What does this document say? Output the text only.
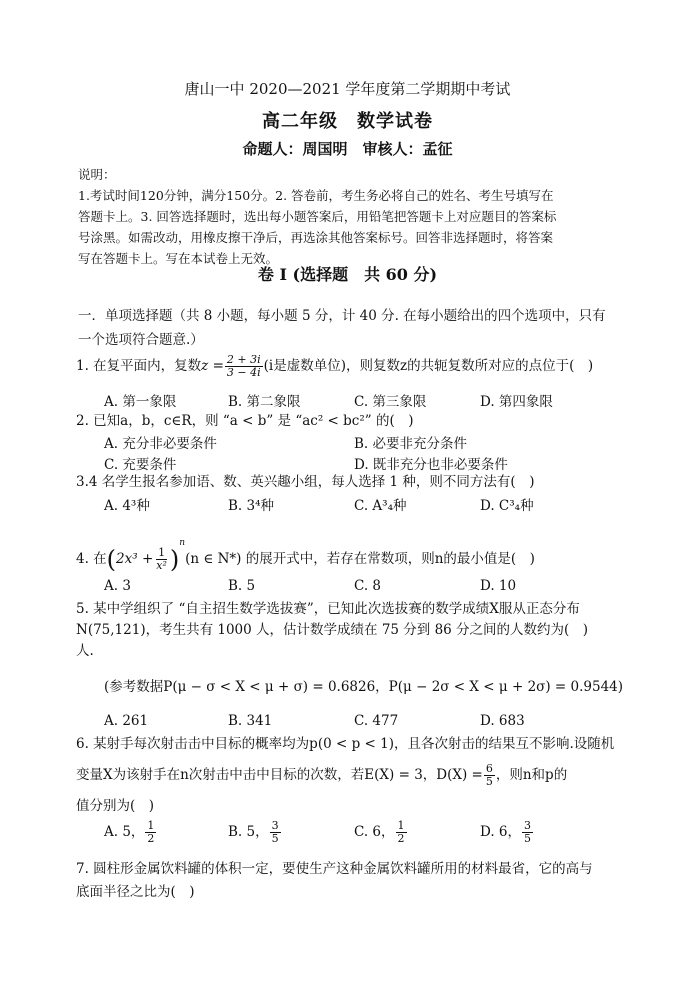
唐山一中 2020—2021 学年度第二学期期中考试
高二年级　数学试卷
命题人：周国明　审核人：孟征
说明：
1.考试时间120分钟，满分150分。2. 答卷前，考生务必将自己的姓名、考生号填写在
答题卡上。3. 回答选择题时，选出每小题答案后，用铅笔把答题卡上对应题目的答案标
号涂黑。如需改动，用橡皮擦干净后，再选涂其他答案标号。回答非选择题时，将答案
写在答题卡上。写在本试卷上无效。
卷 I (选择题　共 60 分)
一．单项选择题（共 8 小题，每小题 5 分，计 40 分. 在每小题给出的四个选项中，只有
一个选项符合题意.）
1. 在复平面内，复数$z = \frac{2 + 3i}{3 - 4i} (i$是虚数单位)，则复数z的共轭复数所对应的点位于(　)
A. 第一象限	B. 第二象限	C. 第三象限	D. 第四象限
2. 已知a，b，c∈R，则 “a < b” 是 “ac² < bc²” 的(　)
A. 充分非必要条件	B. 必要非充分条件
C. 充要条件	D. 既非充分也非必要条件
3.4 名学生报名参加语、数、英兴趣小组，每人选择 1 种，则不同方法有(　)
A. 4³种	B. 3⁴种	C. A³₄种	D. C³₄种
4. 在$(2x^3 + \frac{1}{\text{x²}} )^n(n$ ∈ N*) 的展开式中，若存在常数项，则n的最小值是(　)
A. 3	B. 5	C. 8	D. 10
5. 某中学组织了 “自主招生数学选拔赛”，已知此次选拔赛的数学成绩X服从正态分布
N(75,121)，考生共有 1000 人，估计数学成绩在 75 分到 86 分之间的人数约为(　)
人.
(参考数据P(μ − σ < X < μ + σ) = 0.6826，P(μ − 2σ < X < μ + 2σ) = 0.9544)
A. 261	B. 341	C. 477	D. 683
6. 某射手每次射击击中目标的概率均为p(0 < p < 1)，且各次射击的结果互不影响.设随机
变量X为该射手在n次射击中击中目标的次数，若E(X) = 3，$D(X) = \frac{6}{5}$ ，则n和p的
值分别为(　)
A. 5， $\frac{1}{2}$	B. 5， $\frac{3}{5}$	C. 6， $\frac{1}{2}$	D. 6， $\frac{3}{5}$
7. 圆柱形金属饮料罐的体积一定，要使生产这种金属饮料罐所用的材料最省，它的高与
底面半径之比为(　)
